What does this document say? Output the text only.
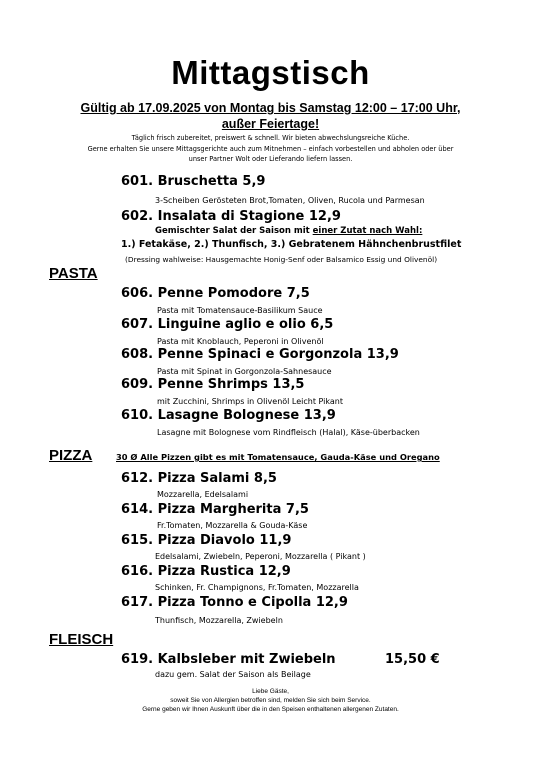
Mittagstisch
Gültig ab 17.09.2025 von Montag bis Samstag 12:00 – 17:00 Uhr,
außer Feiertage!
Täglich frisch zubereitet, preiswert & schnell. Wir bieten abwechslungsreiche Küche.
Gerne erhalten Sie unsere Mittagsgerichte auch zum Mitnehmen – einfach vorbestellen und abholen oder über
unser Partner Wolt oder Lieferando liefern lassen.
601. Bruschetta 5,9
3-Scheiben Gerösteten Brot,Tomaten, Oliven, Rucola und Parmesan
602. Insalata di Stagione 12,9
Gemischter Salat der Saison mit einer Zutat nach Wahl:
1.) Fetakäse, 2.) Thunfisch, 3.) Gebratenem Hähnchenbrustfilet
(Dressing wahlweise: Hausgemachte Honig-Senf oder Balsamico Essig und Olivenöl)
PASTA
606. Penne Pomodore 7,5
Pasta mit Tomatensauce-Basilikum Sauce
607. Linguine aglio e olio 6,5
Pasta mit Knoblauch, Peperoni in Olivenöl
608. Penne Spinaci e Gorgonzola 13,9
Pasta mit Spinat in Gorgonzola-Sahnesauce
609. Penne Shrimps 13,5
mit Zucchini, Shrimps in Olivenöl Leicht Pikant
610. Lasagne Bolognese 13,9
Lasagne mit Bolognese vom Rindfleisch (Halal), Käse-überbacken
PIZZA	30 Ø Alle Pizzen gibt es mit Tomatensauce, Gauda-Käse und Oregano
612. Pizza Salami 8,5
Mozzarella, Edelsalami
614. Pizza Margherita 7,5
Fr.Tomaten, Mozzarella & Gouda-Käse
615. Pizza Diavolo 11,9
Edelsalami, Zwiebeln, Peperoni, Mozzarella ( Pikant )
616. Pizza Rustica 12,9
Schinken, Fr. Champignons, Fr.Tomaten, Mozzarella
617. Pizza Tonno e Cipolla 12,9
Thunfisch, Mozzarella, Zwiebeln
FLEISCH
619. Kalbsleber mit Zwiebeln	15,50 €
dazu gem. Salat der Saison als Beilage
Liebe Gäste,
soweit Sie von Allergien betroffen sind, melden Sie sich beim Service.
Gerne geben wir Ihnen Auskunft über die in den Speisen enthaltenen allergenen Zutaten.
